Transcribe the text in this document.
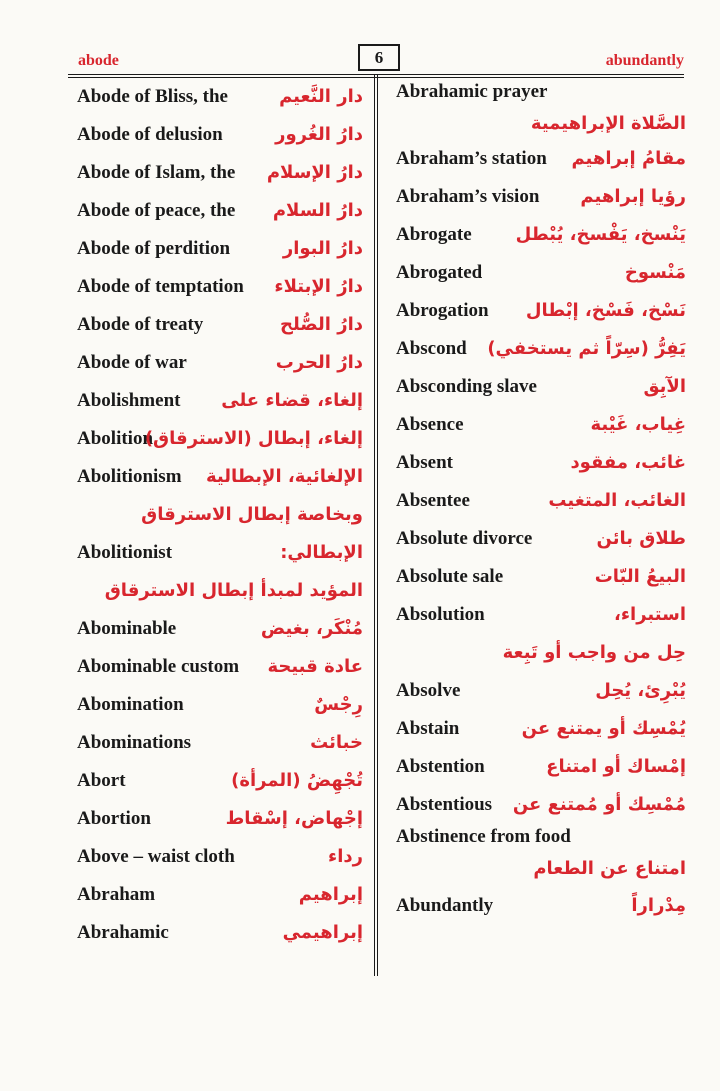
abode	6	abundantly
Abode of Bliss, the	دار النَّعيم
Abode of delusion	دارُ الغُرور
Abode of Islam, the دارُ الإسلام
Abode of peace, the دارُ السلام
Abode of perdition	دارُ البوار
Abode of temptation دارُ الإبتلاء
Abode of treaty	دارُ الصُّلح
Abode of war	دارُ الحرب
Abolishment إلغاء، قضاء على
Abolition
إلغاء، إبطال (الاسترقاق)
Abolitionism الإلغائية، الإبطالية
وبخاصة إبطال الاسترقاق
Abolitionist	الإبطالي:
المؤيد لمبدأ إبطال الاسترقاق
Abominable	مُنْكَر، بغيض
Abominable custom عادة قبيحة
Abomination	رِجْسٌ
Abominations	خبائث
Abort	تُجْهِضُ (المرأة)
Abortion	إجْهاض، إسْقاط
Above – waist cloth	رداء
Abraham	إبراهيم
Abrahamic	إبراهيمي
Abrahamic prayer
الصَّلاة الإبراهيمية
Abraham’s station مقامُ إبراهيم
Abraham’s vision رؤيا إبراهيم
Abrogate يَنْسخ، يَفْسخ، يُبْطل
Abrogated	مَنْسوخ
Abrogation نَسْخ، فَسْخ، إبْطال
Abscond يَفِرُّ (سِرّاً ثم يستخفي)
Absconding slave	الآبِق
Absence	غِياب، غَيْبة
Absent	غائب، مفقود
Absentee	الغائب، المتغيب
Absolute divorce	طلاق بائن
Absolute sale	البيعُ البّات
Absolution	استبراء،
حِل من واجب أو تَبِعة
Absolve	يُبْرِئ، يُحِل
Abstain	يُمْسِك أو يمتنع عن
Abstention	إمْساك أو امتناع
Abstentious مُمْسِك أو مُمتنع عن
Abstinence from food
امتناع عن الطعام
Abundantly	مِدْراراً
